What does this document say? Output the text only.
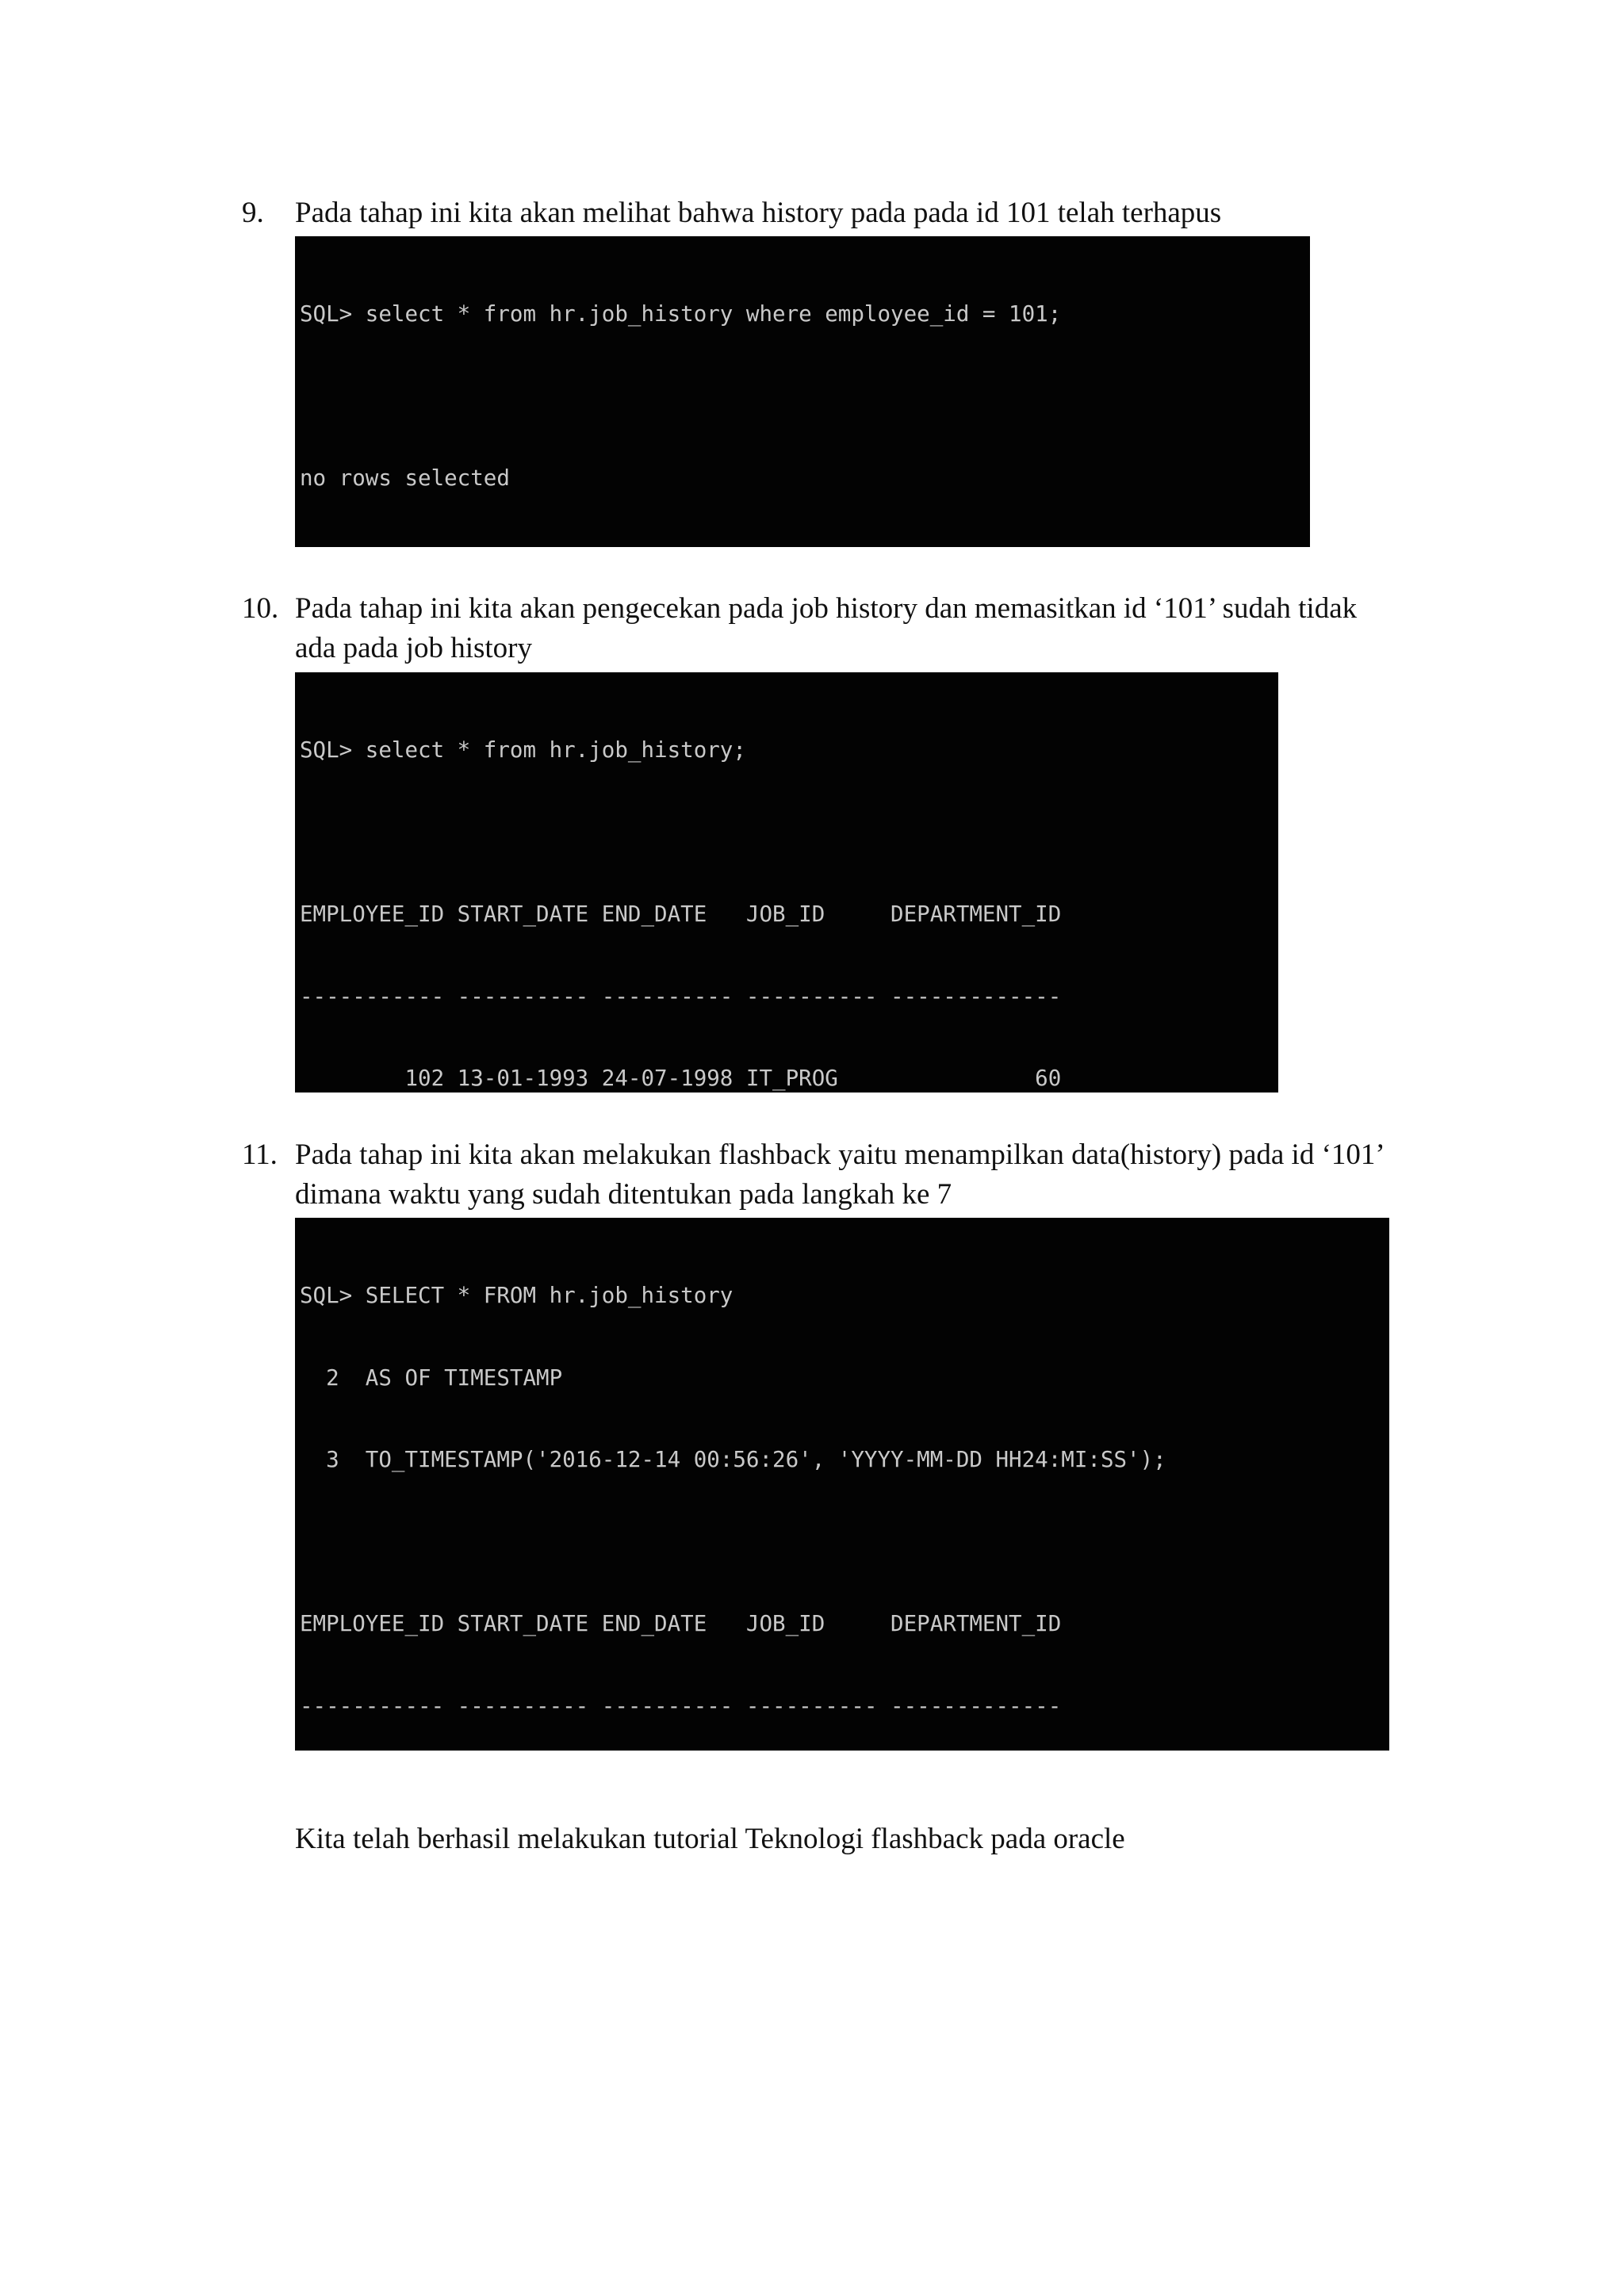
9.	Pada tahap ini kita akan melihat bahwa history pada pada id 101 telah terhapus

SQL> select * from hr.job_history where employee_id = 101;

no rows selected

10. Pada tahap ini kita akan pengecekan pada job history dan memasitkan id ‘101’ sudah tidak
ada pada job history

SQL> select * from hr.job_history;

EMPLOYEE_ID START_DATE END_DATE   JOB_ID     DEPARTMENT_ID

----------- ---------- ---------- ---------- -------------

102 13-01-1993 24-07-1998 IT_PROG               60

11. Pada tahap ini kita akan melakukan flashback yaitu menampilkan data(history) pada id ‘101’
dimana waktu yang sudah ditentukan pada langkah ke 7

SQL> SELECT * FROM hr.job_history

2  AS OF TIMESTAMP

3  TO_TIMESTAMP('2016-12-14 00:56:26', 'YYYY-MM-DD HH24:MI:SS');

EMPLOYEE_ID START_DATE END_DATE   JOB_ID     DEPARTMENT_ID

----------- ---------- ---------- ---------- -------------

Kita telah berhasil melakukan tutorial Teknologi flashback pada oracle
